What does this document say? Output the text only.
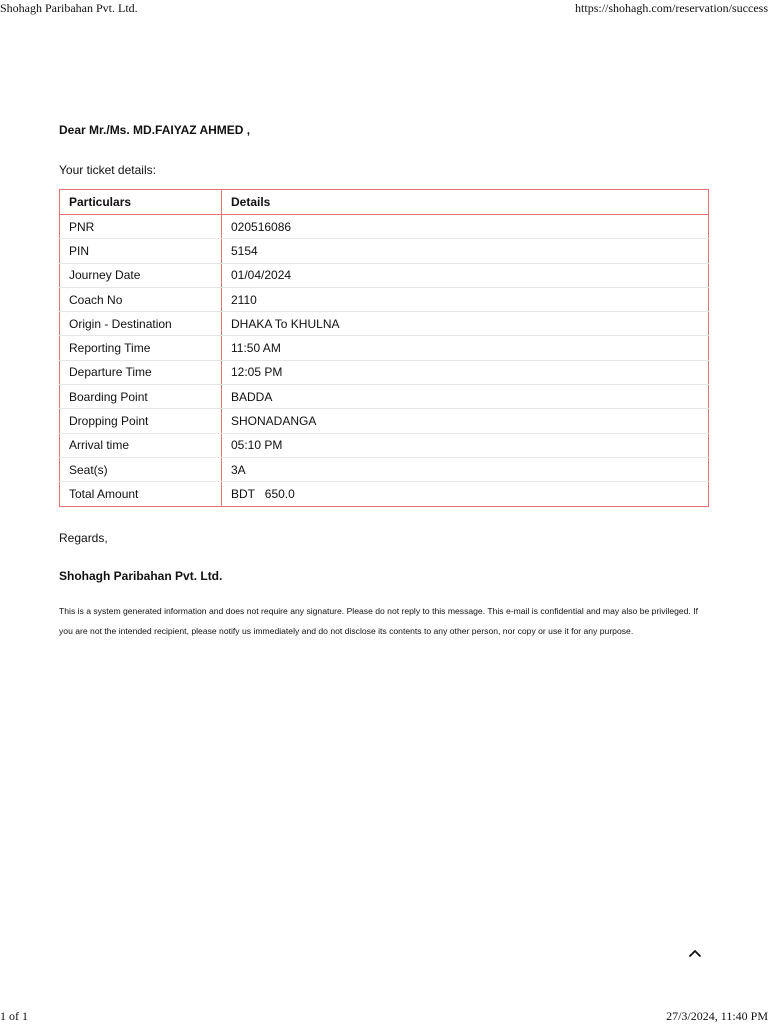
Shohagh Paribahan Pvt. Ltd.	https://shohagh.com/reservation/success

Dear Mr./Ms. MD.FAIYAZ AHMED ,

Your ticket details:

Particulars	Details
PNR	020516086
PIN	5154
Journey Date	01/04/2024
Coach No	2110
Origin - Destination	DHAKA To KHULNA
Reporting Time	11:50 AM
Departure Time	12:05 PM
Boarding Point	BADDA
Dropping Point	SHONADANGA
Arrival time	05:10 PM
Seat(s)	3A
Total Amount	BDT   650.0
Regards,
Shohagh Paribahan Pvt. Ltd.
This is a system generated information and does not require any signature. Please do not reply to this message. This e-mail is confidential and may also be privileged. If you are not the intended recipient, please notify us immediately and do not disclose its contents to any other person, nor copy or use it for any purpose.
1 of 1	27/3/2024, 11:40 PM
